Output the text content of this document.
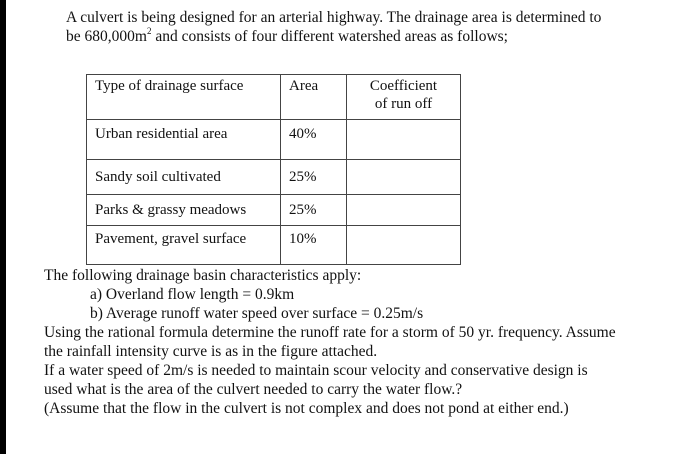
A culvert is being designed for an arterial highway. The drainage area is determined to

be $680,000m^2$ and consists of four different watershed areas as follows;

Type of drainage surface	Area	Coefficient
of run off

Urban residential area	40%	
Sandy soil cultivated	25%	
Parks & grassy meadows	25%	
Pavement, gravel surface	10%	

The following drainage basin characteristics apply:

a) Overland flow length = 0.9km

b) Average runoff water speed over surface = 0.25m/s

Using the rational formula determine the runoff rate for a storm of 50 yr. frequency. Assume

the rainfall intensity curve is as in the figure attached.

If a water speed of 2m/s is needed to maintain scour velocity and conservative design is

used what is the area of the culvert needed to carry the water flow.?

(Assume that the flow in the culvert is not complex and does not pond at either end.)
